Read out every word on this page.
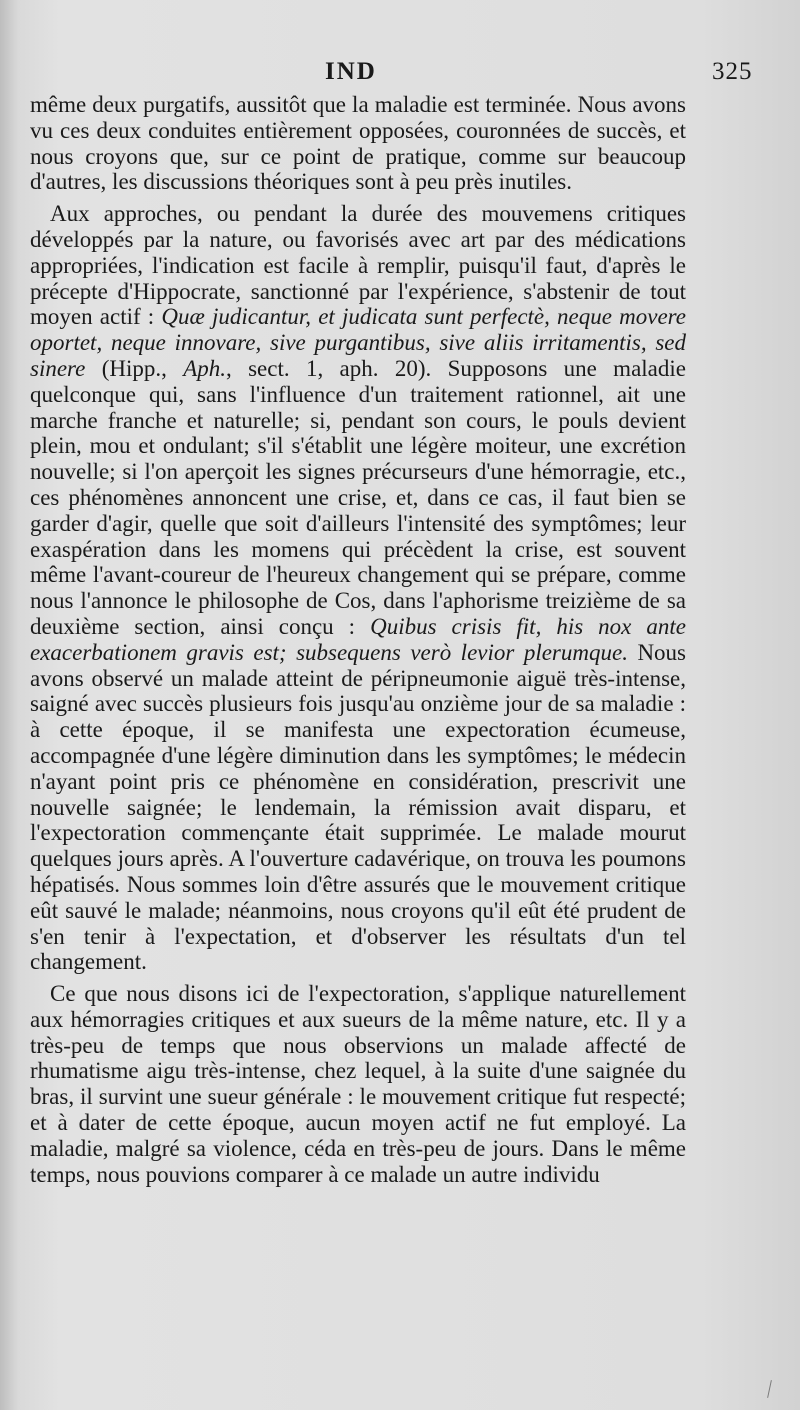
IND	325

même deux purgatifs, aussitôt que la maladie est terminée. Nous avons vu ces deux conduites entièrement opposées, couronnées de succès, et nous croyons que, sur ce point de pratique, comme sur beaucoup d'autres, les discussions théoriques sont à peu près inutiles.

Aux approches, ou pendant la durée des mouvemens critiques développés par la nature, ou favorisés avec art par des médications appropriées, l'indication est facile à remplir, puisqu'il faut, d'après le précepte d'Hippocrate, sanctionné par l'expérience, s'abstenir de tout moyen actif : Quæ judicantur, et judicata sunt perfectè, neque movere oportet, neque innovare, sive purgantibus, sive aliis irritamentis, sed sinere (Hipp., Aph., sect. 1, aph. 20). Supposons une maladie quelconque qui, sans l'influence d'un traitement rationnel, ait une marche franche et naturelle; si, pendant son cours, le pouls devient plein, mou et ondulant; s'il s'établit une légère moiteur, une excrétion nouvelle; si l'on aperçoit les signes précurseurs d'une hémorragie, etc., ces phénomènes annoncent une crise, et, dans ce cas, il faut bien se garder d'agir, quelle que soit d'ailleurs l'intensité des symptômes; leur exaspération dans les momens qui précèdent la crise, est souvent même l'avant-coureur de l'heureux changement qui se prépare, comme nous l'annonce le philosophe de Cos, dans l'aphorisme treizième de sa deuxième section, ainsi conçu : Quibus crisis fit, his nox ante exacerbationem gravis est; subsequens verò levior plerumque. Nous avons observé un malade atteint de péripneumonie aiguë très-intense, saigné avec succès plusieurs fois jusqu'au onzième jour de sa maladie : à cette époque, il se manifesta une expectoration écumeuse, accompagnée d'une légère diminution dans les symptômes; le médecin n'ayant point pris ce phénomène en considération, prescrivit une nouvelle saignée; le lendemain, la rémission avait disparu, et l'expectoration commençante était supprimée. Le malade mourut quelques jours après. A l'ouverture cadavérique, on trouva les poumons hépatisés. Nous sommes loin d'être assurés que le mouvement critique eût sauvé le malade; néanmoins, nous croyons qu'il eût été prudent de s'en tenir à l'expectation, et d'observer les résultats d'un tel changement.

Ce que nous disons ici de l'expectoration, s'applique naturellement aux hémorragies critiques et aux sueurs de la même nature, etc. Il y a très-peu de temps que nous observions un malade affecté de rhumatisme aigu très-intense, chez lequel, à la suite d'une saignée du bras, il survint une sueur générale : le mouvement critique fut respecté; et à dater de cette époque, aucun moyen actif ne fut employé. La maladie, malgré sa violence, céda en très-peu de jours. Dans le même temps, nous pouvions comparer à ce malade un autre individu
